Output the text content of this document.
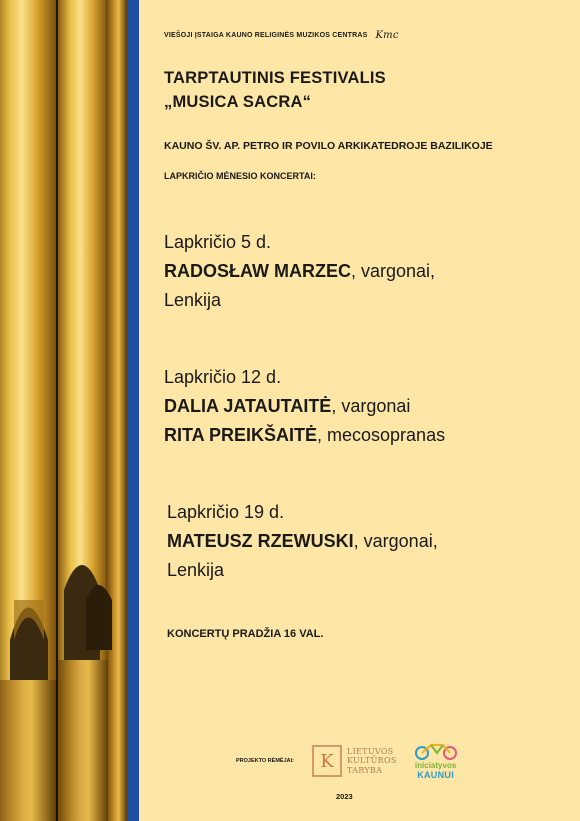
VIEŠOJI ĮSTAIGA KAUNO RELIGINĖS MUZIKOS CENTRAS Kmc
TARPTAUTINIS FESTIVALIS
„MUSICA SACRA“
KAUNO ŠV. AP. PETRO IR POVILO ARKIKATEDROJE BAZILIKOJE
LAPKRIČIO MĖNESIO KONCERTAI:
Lapkričio 5 d.
RADOSŁAW MARZEC, vargonai,
Lenkija
Lapkričio 12 d.
DALIA JATAUTAITĖ, vargonai
RITA PREIKŠAITĖ, mecosopranas
Lapkričio 19 d.
MATEUSZ RZEWUSKI, vargonai,
Lenkija
KONCERTŲ PRADŽIA 16 VAL.
PROJEKTO RĖMĖJAI:	K	LIETUVOS
KULTŪROS
TARYBA
iniciatyvos
KAUNUI
2023
